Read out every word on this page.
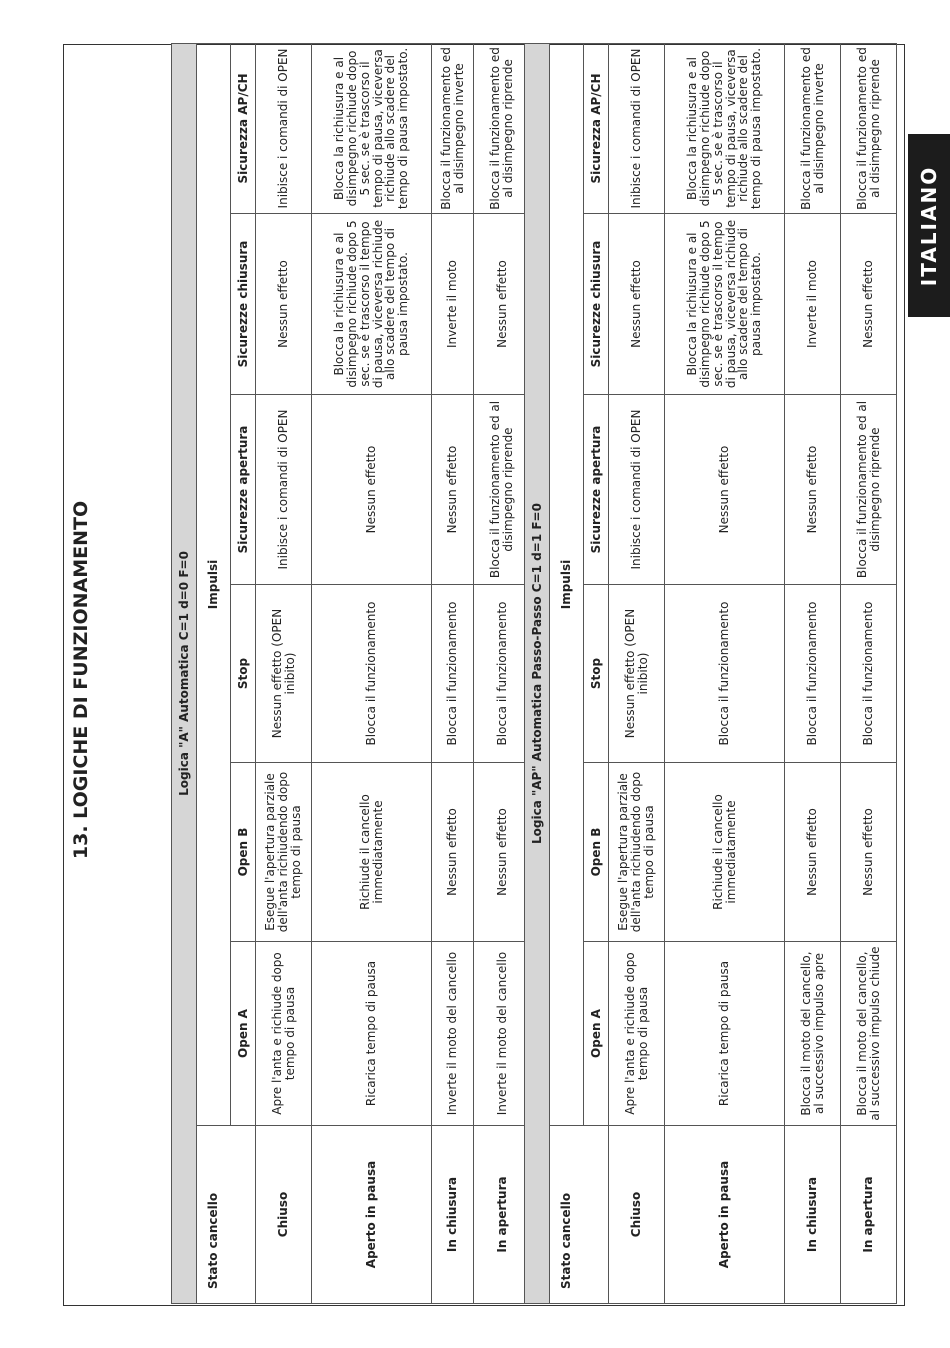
ITALIANO
13. LOGICHE DI FUNZIONAMENTO	Logica "A" Automatica C=1 d=0 F=0						
Stato cancello	Impulsi					
	Open A	Open B	Stop	Sicurezze apertura	Sicurezze chiusura	Sicurezza AP/CH
Chiuso	Apre l'anta e richiude dopo tempo di pausa	Esegue l'apertura parziale dell'anta richiudendo dopo tempo di pausa	Nessun effetto (OPEN inibito)	Inibisce i comandi di OPEN	Nessun effetto	Inibisce i comandi di OPEN
Aperto in pausa	Ricarica tempo di pausa	Richiude il cancello immediatamente	Blocca il funzionamento	Nessun effetto	Blocca la richiusura e al disimpegno richiude dopo 5 sec. se è trascorso il tempo di pausa, viceversa richiude allo scadere del tempo di pausa impostato.	Blocca la richiusura e al disimpegno richiude dopo 5 sec. se è trascorso il tempo di pausa, viceversa richiude allo scadere del tempo di pausa impostato.
In chiusura	Inverte il moto del cancello	Nessun effetto	Blocca il funzionamento	Nessun effetto	Inverte il moto	Blocca il funzionamento ed al disimpegno inverte
In apertura	Inverte il moto del cancello	Nessun effetto	Blocca il funzionamento	Blocca il funzionamento ed al disimpegno riprende	Nessun effetto	Blocca il funzionamento ed al disimpegno riprende
Logica "AP" Automatica Passo-Passo C=1 d=1 F=0						
Stato cancello	Impulsi					
	Open A	Open B	Stop	Sicurezze apertura	Sicurezze chiusura	Sicurezza AP/CH
Chiuso	Apre l'anta e richiude dopo tempo di pausa	Esegue l'apertura parziale dell'anta richiudendo dopo tempo di pausa	Nessun effetto (OPEN inibito)	Inibisce i comandi di OPEN	Nessun effetto	Inibisce i comandi di OPEN
Aperto in pausa	Ricarica tempo di pausa	Richiude il cancello immediatamente	Blocca il funzionamento	Nessun effetto	Blocca la richiusura e al disimpegno richiude dopo 5 sec. se è trascorso il tempo di pausa, viceversa richiude allo scadere del tempo di pausa impostato.	Blocca la richiusura e al disimpegno richiude dopo 5 sec. se è trascorso il tempo di pausa, viceversa richiude allo scadere del tempo di pausa impostato.
In chiusura	Blocca il moto del cancello, al successivo impulso apre	Nessun effetto	Blocca il funzionamento	Nessun effetto	Inverte il moto	Blocca il funzionamento ed al disimpegno inverte
In apertura	Blocca il moto del cancello, al successivo impulso chiude	Nessun effetto	Blocca il funzionamento	Blocca il funzionamento ed al disimpegno riprende	Nessun effetto	Blocca il funzionamento ed al disimpegno riprende
